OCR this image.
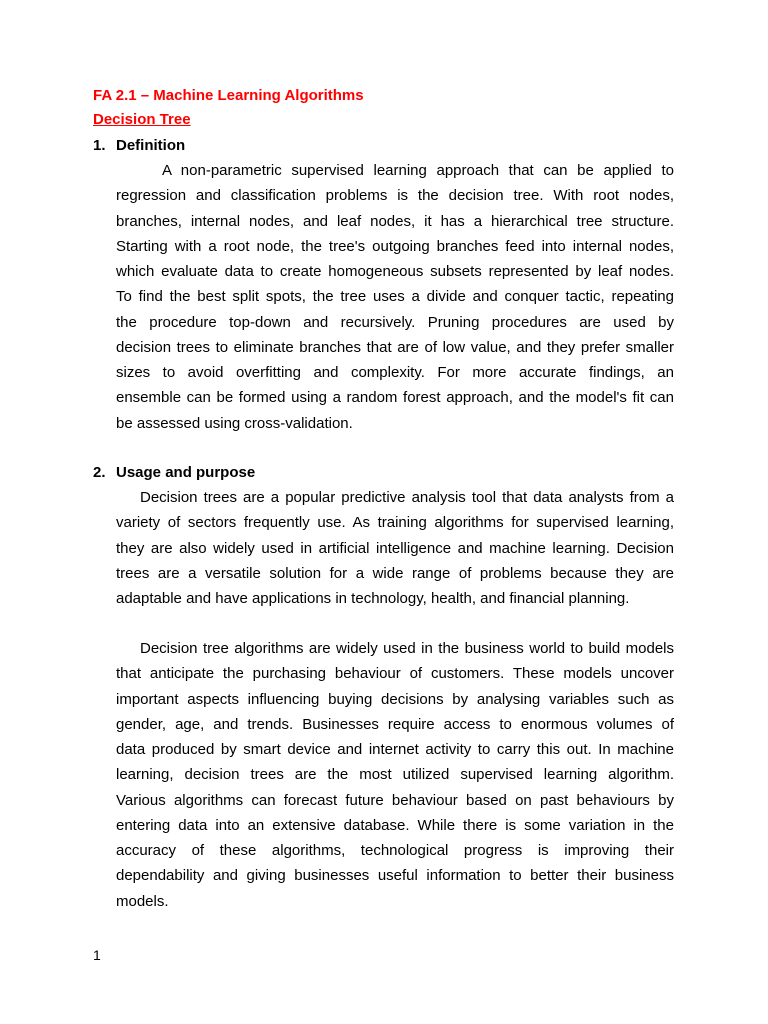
FA 2.1 – Machine Learning Algorithms
Decision Tree
1. Definition
A non-parametric supervised learning approach that can be applied to
regression and classification problems is the decision tree. With root nodes,
branches, internal nodes, and leaf nodes, it has a hierarchical tree structure.
Starting with a root node, the tree's outgoing branches feed into internal nodes,
which evaluate data to create homogeneous subsets represented by leaf nodes.
To find the best split spots, the tree uses a divide and conquer tactic, repeating
the procedure top-down and recursively. Pruning procedures are used by
decision trees to eliminate branches that are of low value, and they prefer smaller
sizes to avoid overfitting and complexity. For more accurate findings, an
ensemble can be formed using a random forest approach, and the model's fit can
be assessed using cross-validation.
2. Usage and purpose
Decision trees are a popular predictive analysis tool that data analysts from a
variety of sectors frequently use. As training algorithms for supervised learning,
they are also widely used in artificial intelligence and machine learning. Decision
trees are a versatile solution for a wide range of problems because they are
adaptable and have applications in technology, health, and financial planning.
Decision tree algorithms are widely used in the business world to build models
that anticipate the purchasing behaviour of customers. These models uncover
important aspects influencing buying decisions by analysing variables such as
gender, age, and trends. Businesses require access to enormous volumes of
data produced by smart device and internet activity to carry this out. In machine
learning, decision trees are the most utilized supervised learning algorithm.
Various algorithms can forecast future behaviour based on past behaviours by
entering data into an extensive database. While there is some variation in the
accuracy of these algorithms, technological progress is improving their
dependability and giving businesses useful information to better their business
models.
1
